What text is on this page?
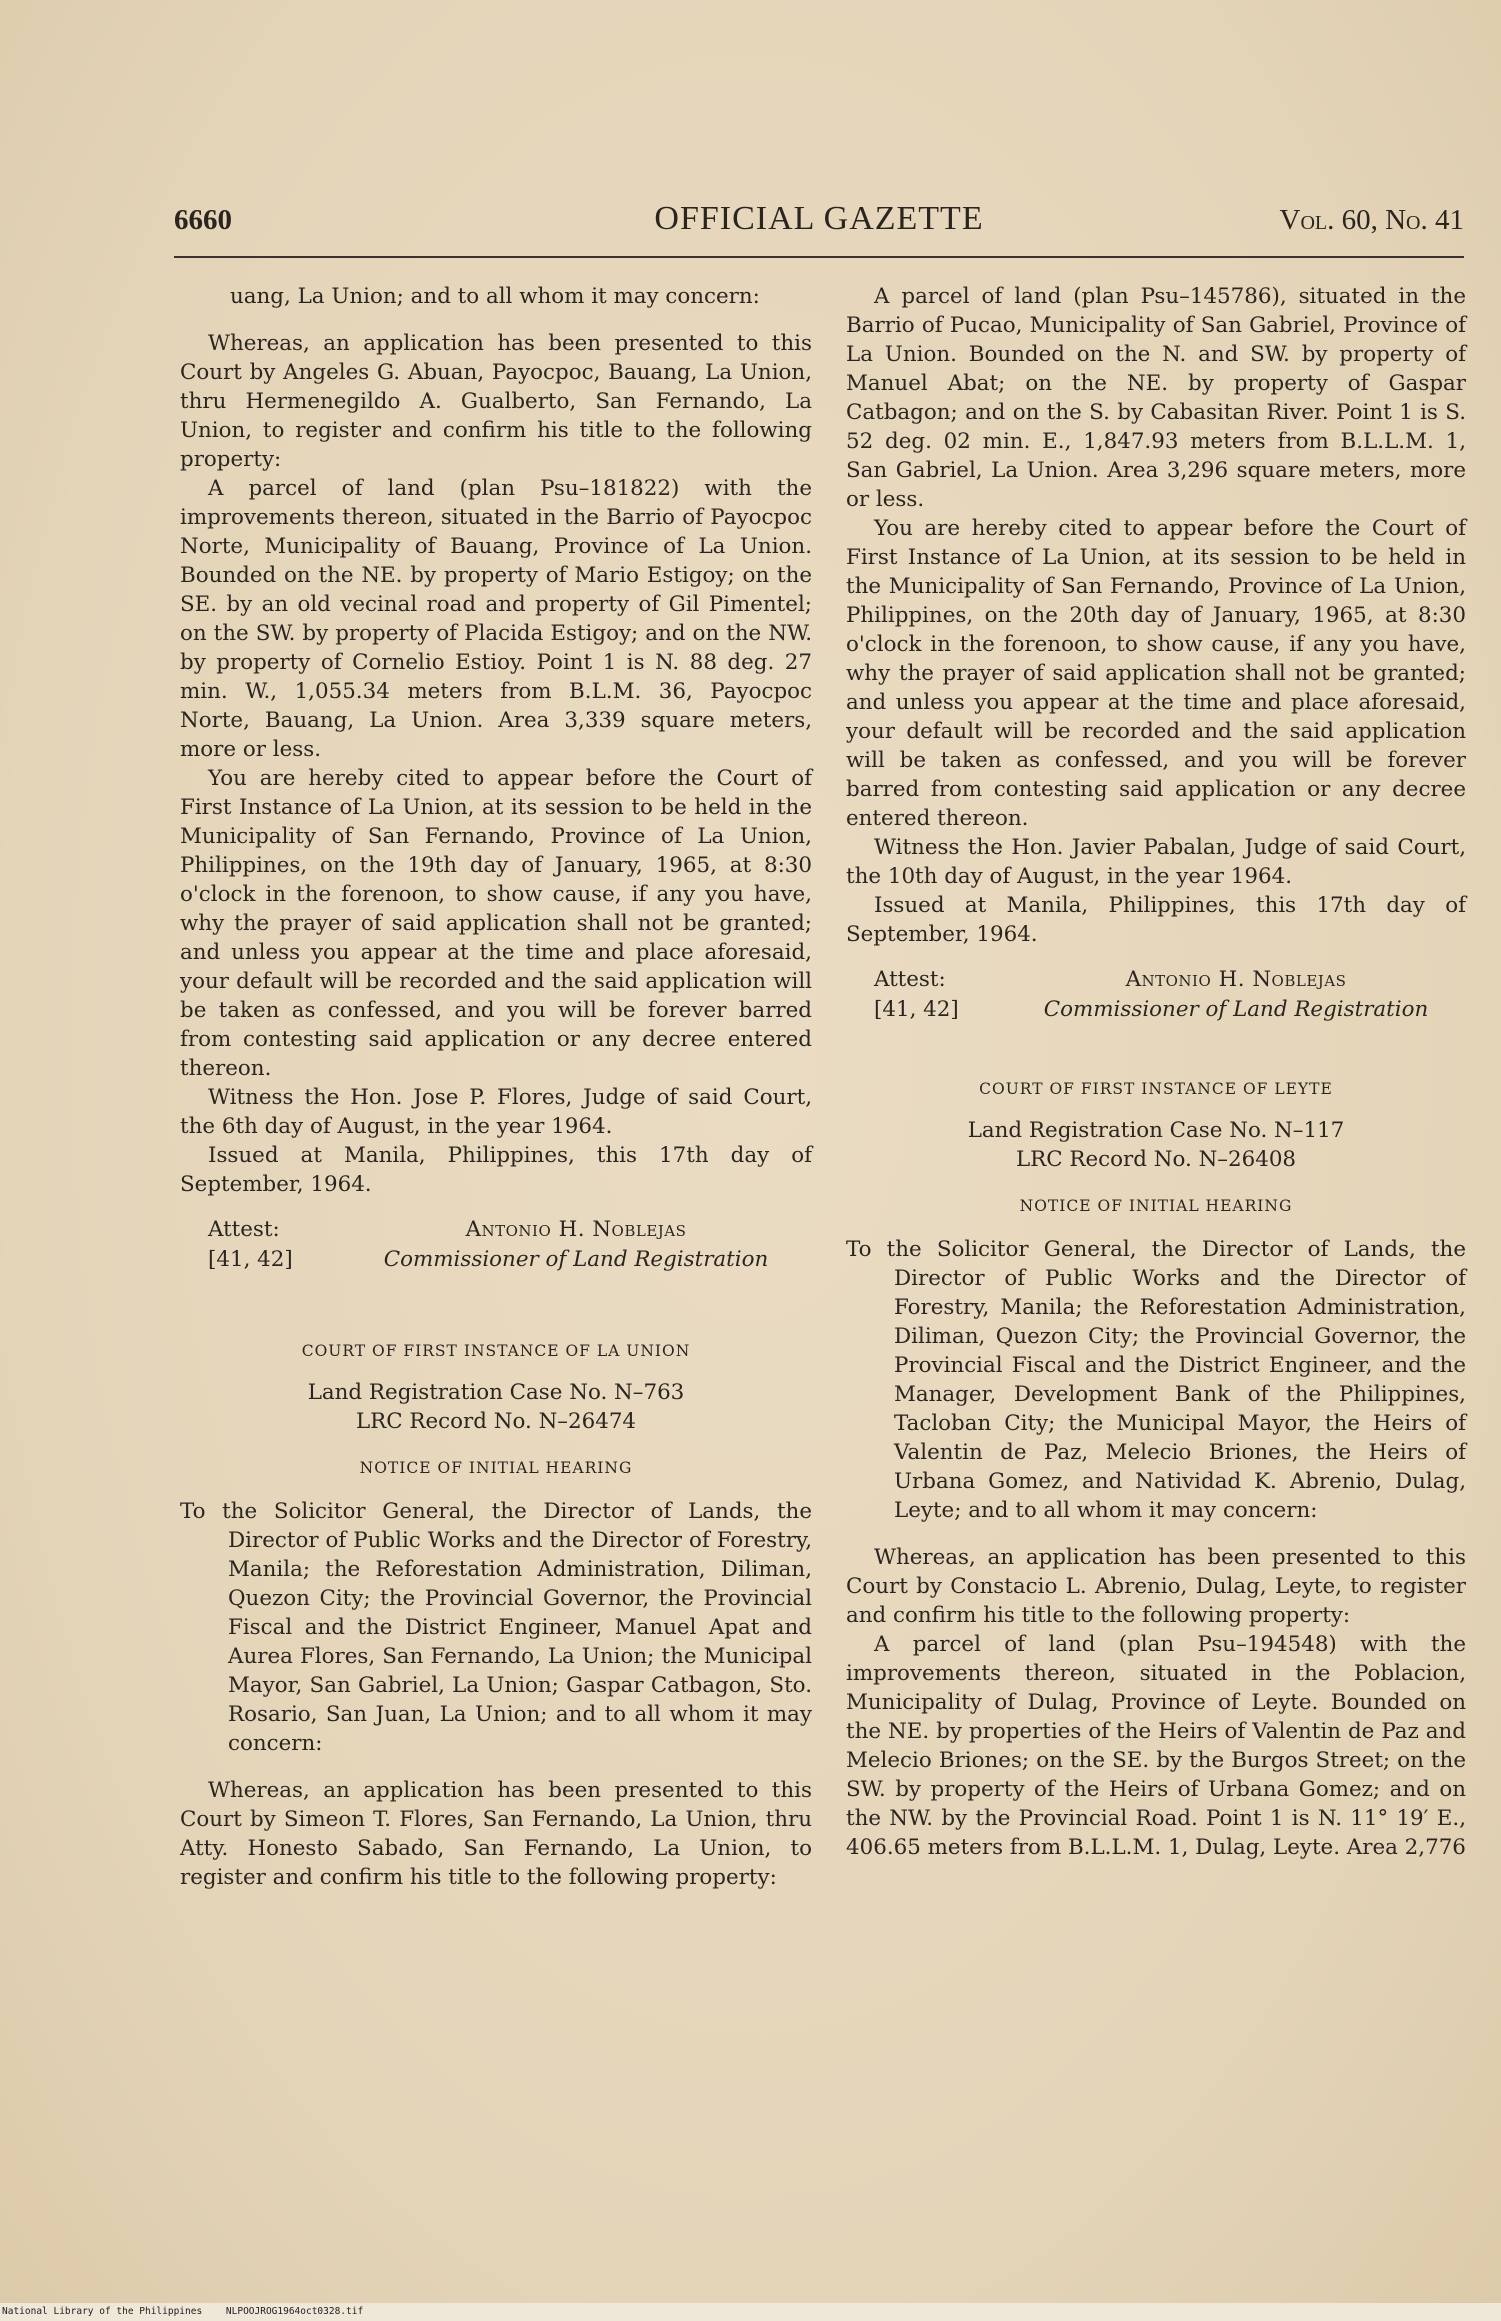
6660	OFFICIAL GAZETTE	Vol. 60, No. 41

uang, La Union; and to all whom it may concern:

Whereas, an application has been presented to this Court by Angeles G. Abuan, Payocpoc, Bauang, La Union, thru Hermenegildo A. Gualberto, San Fernando, La Union, to register and confirm his title to the following property:

A parcel of land (plan Psu–181822) with the improvements thereon, situated in the Barrio of Payocpoc Norte, Municipality of Bauang, Province of La Union. Bounded on the NE. by property of Mario Estigoy; on the SE. by an old vecinal road and property of Gil Pimentel; on the SW. by property of Placida Estigoy; and on the NW. by property of Cornelio Estioy. Point 1 is N. 88 deg. 27 min. W., 1,055.34 meters from B.L.M. 36, Payocpoc Norte, Bauang, La Union. Area 3,339 square meters, more or less.

You are hereby cited to appear before the Court of First Instance of La Union, at its session to be held in the Municipality of San Fernando, Province of La Union, Philippines, on the 19th day of January, 1965, at 8:30 o'clock in the forenoon, to show cause, if any you have, why the prayer of said application shall not be granted; and unless you appear at the time and place aforesaid, your default will be recorded and the said application will be taken as confessed, and you will be forever barred from contesting said application or any decree entered thereon.

Witness the Hon. Jose P. Flores, Judge of said Court, the 6th day of August, in the year 1964.

Issued at Manila, Philippines, this 17th day of September, 1964.

Attest:	Antonio H. Noblejas
[41, 42]	Commissioner of Land Registration
COURT OF FIRST INSTANCE OF LA UNION
Land Registration Case No. N–763
LRC Record No. N–26474
NOTICE OF INITIAL HEARING

To the Solicitor General, the Director of Lands, the Director of Public Works and the Director of Forestry, Manila; the Reforestation Administration, Diliman, Quezon City; the Provincial Governor, the Provincial Fiscal and the District Engineer, Manuel Apat and Aurea Flores, San Fernando, La Union; the Municipal Mayor, San Gabriel, La Union; Gaspar Catbagon, Sto. Rosario, San Juan, La Union; and to all whom it may concern:

Whereas, an application has been presented to this Court by Simeon T. Flores, San Fernando, La Union, thru Atty. Honesto Sabado, San Fernando, La Union, to register and confirm his title to the following property:

A parcel of land (plan Psu–145786), situated in the Barrio of Pucao, Municipality of San Gabriel, Province of La Union. Bounded on the N. and SW. by property of Manuel Abat; on the NE. by property of Gaspar Catbagon; and on the S. by Cabasitan River. Point 1 is S. 52 deg. 02 min. E., 1,847.93 meters from B.L.L.M. 1, San Gabriel, La Union. Area 3,296 square meters, more or less.

You are hereby cited to appear before the Court of First Instance of La Union, at its session to be held in the Municipality of San Fernando, Province of La Union, Philippines, on the 20th day of January, 1965, at 8:30 o'clock in the forenoon, to show cause, if any you have, why the prayer of said application shall not be granted; and unless you appear at the time and place aforesaid, your default will be recorded and the said application will be taken as confessed, and you will be forever barred from contesting said application or any decree entered thereon.

Witness the Hon. Javier Pabalan, Judge of said Court, the 10th day of August, in the year 1964.

Issued at Manila, Philippines, this 17th day of September, 1964.

Attest:	Antonio H. Noblejas
[41, 42]	Commissioner of Land Registration
COURT OF FIRST INSTANCE OF LEYTE
Land Registration Case No. N–117
LRC Record No. N–26408
NOTICE OF INITIAL HEARING

To the Solicitor General, the Director of Lands, the Director of Public Works and the Director of Forestry, Manila; the Reforestation Administration, Diliman, Quezon City; the Provincial Governor, the Provincial Fiscal and the District Engineer, and the Manager, Development Bank of the Philippines, Tacloban City; the Municipal Mayor, the Heirs of Valentin de Paz, Melecio Briones, the Heirs of Urbana Gomez, and Natividad K. Abrenio, Dulag, Leyte; and to all whom it may concern:

Whereas, an application has been presented to this Court by Constacio L. Abrenio, Dulag, Leyte, to register and confirm his title to the following property:

A parcel of land (plan Psu–194548) with the improvements thereon, situated in the Poblacion, Municipality of Dulag, Province of Leyte. Bounded on the NE. by properties of the Heirs of Valentin de Paz and Melecio Briones; on the SE. by the Burgos Street; on the SW. by property of the Heirs of Urbana Gomez; and on the NW. by the Provincial Road. Point 1 is N. 11° 19′ E., 406.65 meters from B.L.L.M. 1, Dulag, Leyte. Area 2,776

National Library of the Philippines NLPOOJROG1964oct0328.tif
